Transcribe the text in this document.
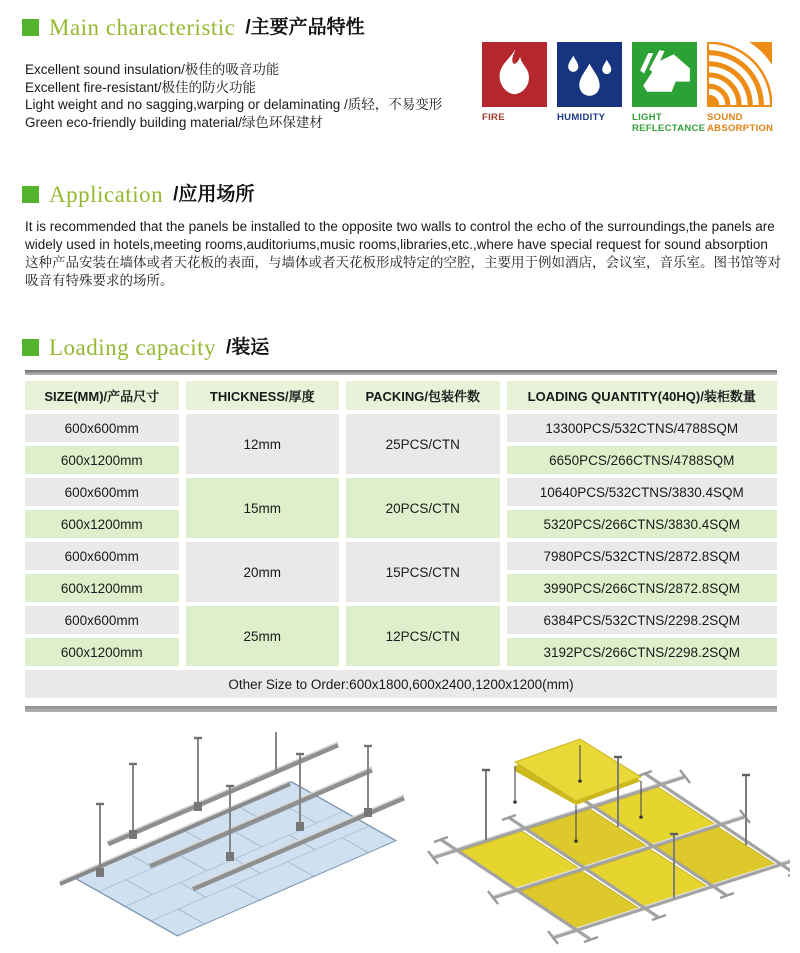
Main characteristic /主要产品特性
Excellent sound insulation/极佳的吸音功能
Excellent fire-resistant/极佳的防火功能
Light weight and no sagging,warping or delaminating /质轻，不易变形
Green eco-friendly building material/绿色环保建材	FIRE	HUMIDITY	LIGHT REFLECTANCE
SOUND ABSORPTION
Application /应用场所
It is recommended that the panels be installed to the opposite two walls to control the echo of the surroundings,the panels are widely used in hotels,meeting rooms,auditoriums,music rooms,libraries,etc.,where have special request for sound absorption
这种产品安装在墙体或者天花板的表面，与墙体或者天花板形成特定的空腔，主要用于例如酒店，会议室，音乐室。图书馆等对吸音有特殊要求的场所。
Loading capacity /装运
SIZE(MM)/产品尺寸	THICKNESS/厚度	PACKING/包装件数	LOADING QUANTITY(40HQ)/装柜数量
600x600mm	12mm	25PCS/CTN	13300PCS/532CTNS/4788SQM
600x1200mm			6650PCS/266CTNS/4788SQM
600x600mm	15mm	20PCS/CTN	10640PCS/532CTNS/3830.4SQM
600x1200mm			5320PCS/266CTNS/3830.4SQM
600x600mm	20mm	15PCS/CTN	7980PCS/532CTNS/2872.8SQM
600x1200mm			3990PCS/266CTNS/2872.8SQM
600x600mm	25mm	12PCS/CTN	6384PCS/532CTNS/2298.2SQM
600x1200mm			3192PCS/266CTNS/2298.2SQM
Other Size to Order:600x1800,600x2400,1200x1200(mm)			
